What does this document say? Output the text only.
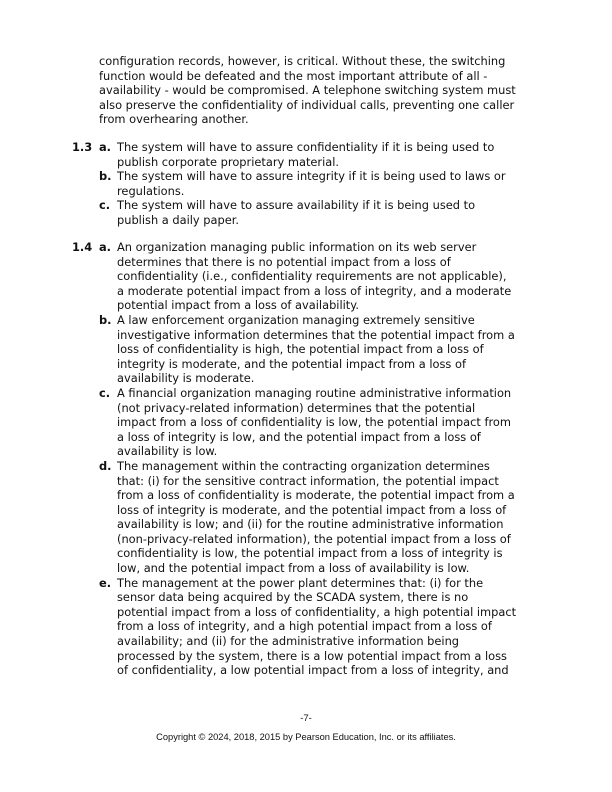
configuration records, however, is critical. Without these, the switching
function would be defeated and the most important attribute of all -
availability - would be compromised. A telephone switching system must
also preserve the confidentiality of individual calls, preventing one caller
from overhearing another.
1.3 a. The system will have to assure confidentiality if it is being used to
publish corporate proprietary material.
b. The system will have to assure integrity if it is being used to laws or
regulations.
c. The system will have to assure availability if it is being used to
publish a daily paper.
1.4 a. An organization managing public information on its web server
determines that there is no potential impact from a loss of
confidentiality (i.e., confidentiality requirements are not applicable),
a moderate potential impact from a loss of integrity, and a moderate
potential impact from a loss of availability.
b. A law enforcement organization managing extremely sensitive
investigative information determines that the potential impact from a
loss of confidentiality is high, the potential impact from a loss of
integrity is moderate, and the potential impact from a loss of
availability is moderate.
c. A financial organization managing routine administrative information
(not privacy-related information) determines that the potential
impact from a loss of confidentiality is low, the potential impact from
a loss of integrity is low, and the potential impact from a loss of
availability is low.
d. The management within the contracting organization determines
that: (i) for the sensitive contract information, the potential impact
from a loss of confidentiality is moderate, the potential impact from a
loss of integrity is moderate, and the potential impact from a loss of
availability is low; and (ii) for the routine administrative information
(non-privacy-related information), the potential impact from a loss of
confidentiality is low, the potential impact from a loss of integrity is
low, and the potential impact from a loss of availability is low.
e. The management at the power plant determines that: (i) for the
sensor data being acquired by the SCADA system, there is no
potential impact from a loss of confidentiality, a high potential impact
from a loss of integrity, and a high potential impact from a loss of
availability; and (ii) for the administrative information being
processed by the system, there is a low potential impact from a loss
of confidentiality, a low potential impact from a loss of integrity, and
-7-
Copyright © 2024, 2018, 2015 by Pearson Education, Inc. or its affiliates.
